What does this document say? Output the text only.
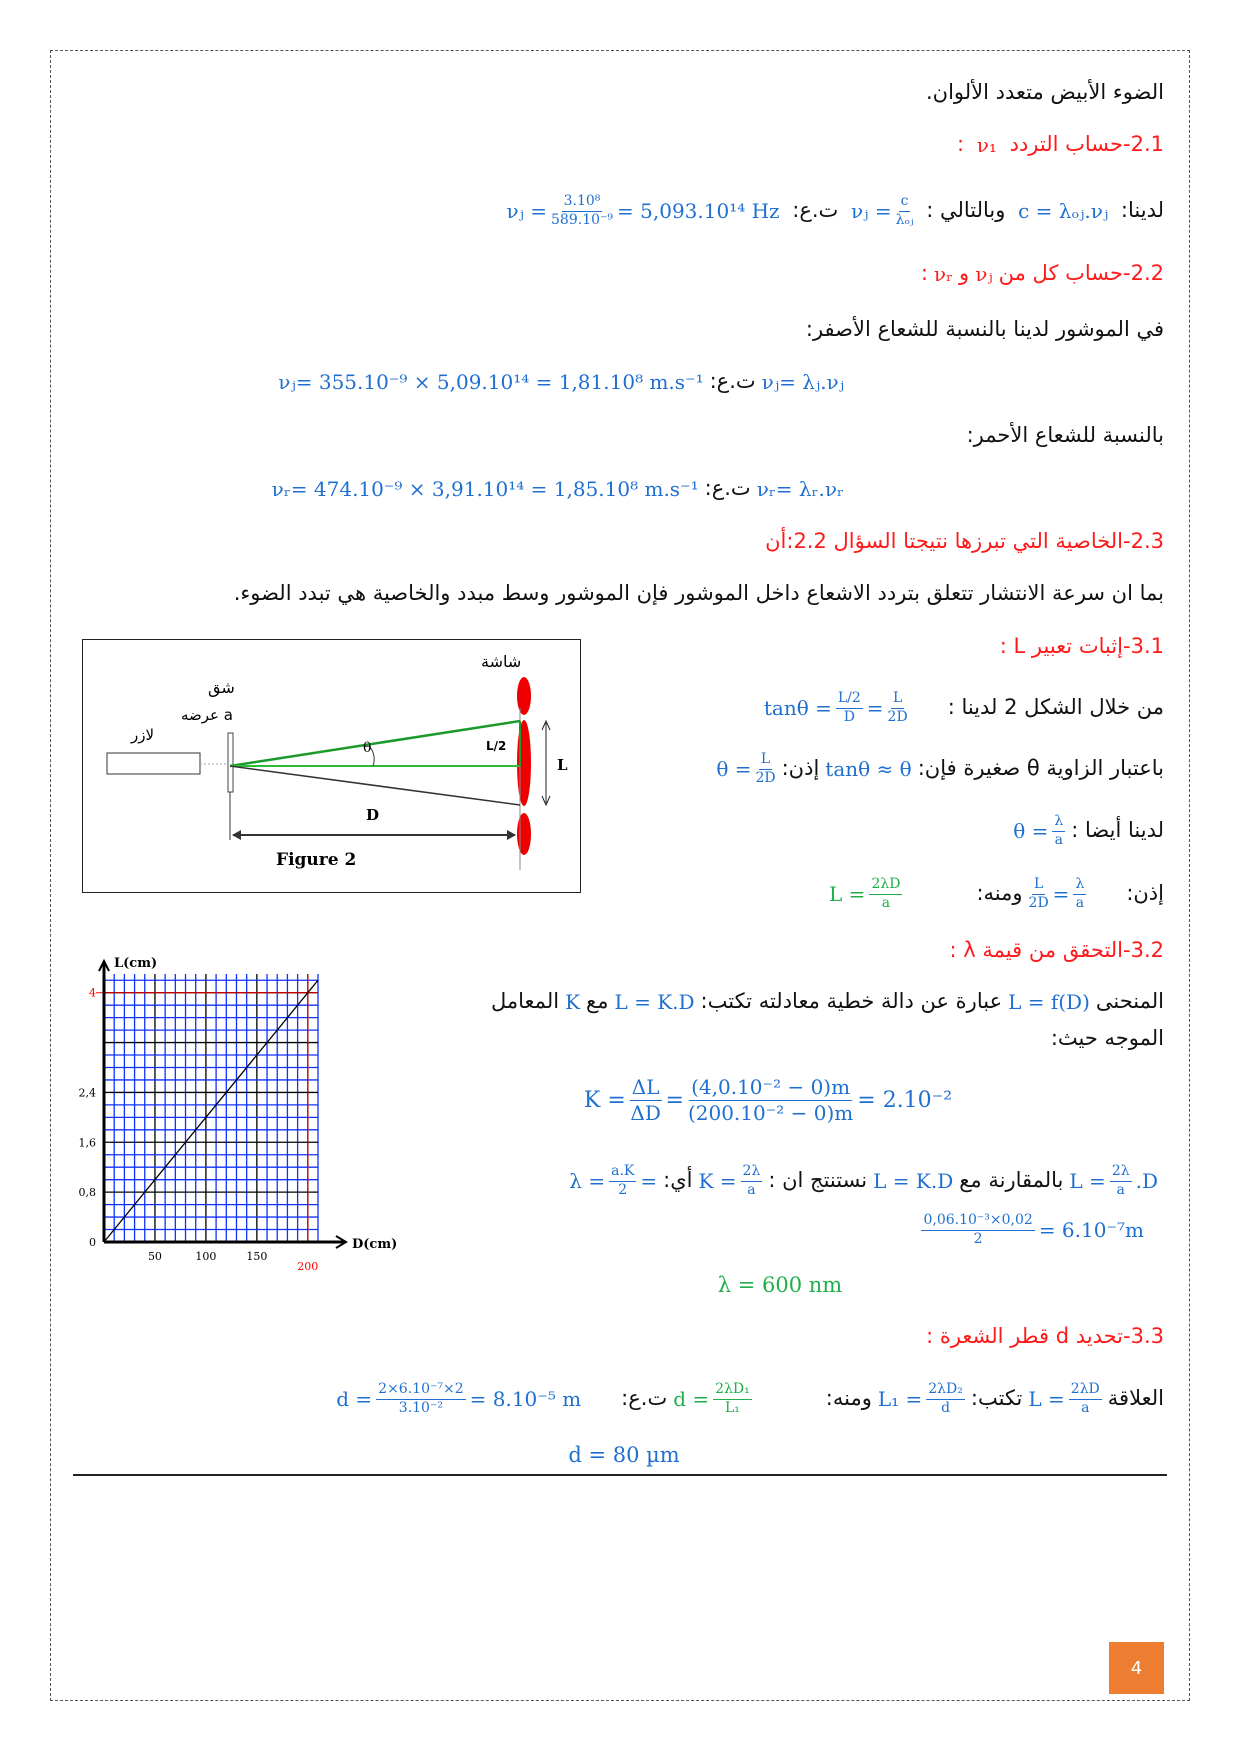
الضوء الأبيض متعدد الألوان.
2.1-حساب التردد ν₁ :
لدينا: c = λₒⱼ.νⱼ وبالتالي :
νⱼ = c
λₒⱼ
ت.ع:
νⱼ = $\frac{\text{3.10⁸}}{\text{589.10⁻⁹}} = 5,093.10^{14}$ Hz
2.2-حساب كل منνⱼوνᵣ:
في الموشور لدينا بالنسبة للشعاع الأصفر:
νⱼ= λⱼ.νⱼت.ع:νⱼ= 355.10⁻⁹ × 5,09.10¹⁴ = 1,81.10⁸ m.s⁻¹
بالنسبة للشعاع الأحمر:
νᵣ= λᵣ.νᵣت.ع:νᵣ= 474.10⁻⁹ × 3,91.10¹⁴ = 1,85.10⁸ m.s⁻¹
2.3-الخاصية التي تبرزها نتيجتا السؤال 2.2:أن
بما ان سرعة الانتشار تتعلق بتردد الاشعاع داخل الموشور فإن الموشور وسط مبدد والخاصية هي تبدد الضوء.
شاشة
شق
عرضه a
لازر
θ	L/2
L
D
Figure 2
3.1-إثبات تعبير L :
من خلال الشكل 2 لدينا :
$\tan\theta = \frac{L/2}{D} = \frac{L}{2D}$
باعتبار الزاوية θ صغيرة فإن:tanθ ≈ θإذن:
$\theta = \frac{L}{2D}$
لدينا أيضا :
$\theta = \frac{\lambda}{a}$
إذن:
$\frac{L}{2D} = \frac{\lambda}{a}$
ومنه:
$L = \frac{2\lambda D}{a}$
3.2-التحقق من قيمة λ :
المنحنىL = f(D)عبارة عن دالة خطية معادلته تكتب:L = K.DمعKالمعامل
الموجه حيث:
$K = \frac{\Delta L}{\Delta D} = \frac{\text{(4,0.10⁻² − 0)m}}{\text{(200.10⁻² − 0)m}} = 2.10^{-2}$
$L = \frac{2\lambda}{a} .D$
بالمقارنة معL = K.Dنستنتج ان :
$K = \frac{2\lambda}{a}$
أي:
$\lambda = \frac{a.K}{2}$ =
$\frac{\text{0,06.10⁻³×0,02}}{2} = 6.10^{-7}m$
λ = 600 nm
L(cm)
D(cm)
0
0,8
1,6
2,4
4
50	100	150
200
3.3-تحديد d قطر الشعرة :
العلاقة
$L = \frac{2\lambda D}{a}$
تكتب:
$L_1 = \frac{\text{2λD₂}}{d}$
ومنه:
$d = \frac{\text{2λD₁}}{\text{L₁}}$
ت.ع:
$d = \frac{\text{2×6.10⁻⁷×2}}{\text{3.10⁻²}} = 8.10^{-5}$ m
d = 80 µm
4
